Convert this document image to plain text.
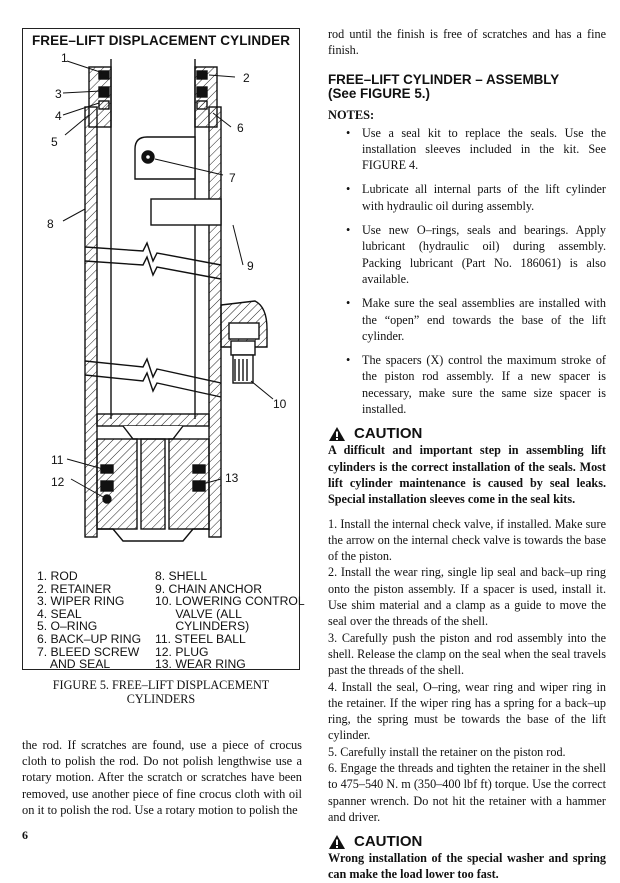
FREE–LIFT DISPLACEMENT CYLINDER
1
2
3
4
5
6
7
8
9
10
11
12	13
1. ROD
2. RETAINER
3. WIPER RING
4. SEAL
5. O–RING
6. BACK–UP RING
7. BLEED SCREW
AND SEAL
8. SHELL
9. CHAIN ANCHOR
10. LOWERING CONTROL
VALVE (ALL
CYLINDERS)
11. STEEL BALL
12. PLUG
13. WEAR RING
FIGURE 5. FREE–LIFT DISPLACEMENT
CYLINDERS
the rod. If scratches are found, use a piece of crocus cloth to polish the rod. Do not polish lengthwise use a rotary motion. After the scratch or scratches have been removed, use another piece of fine crocus cloth with oil on it to polish the rod. Use a rotary motion to polish the
6

rod until the finish is free of scratches and has a fine finish.

FREE–LIFT CYLINDER – ASSEMBLY
(See FIGURE 5.)
NOTES:
• Use a seal kit to replace the seals. Use the installation sleeves included in the kit. See FIGURE 4.
• Lubricate all internal parts of the lift cylinder with hydraulic oil during assembly.
• Use new O–rings, seals and bearings. Apply lubricant (hydraulic oil) during assembly. Packing lubricant (Part No. 186061) is also available.
• Make sure the seal assemblies are installed with the “open” end towards the base of the lift cylinder.
• The spacers (X) control the maximum stroke of the piston rod assembly. If a new spacer is necessary, make sure the same size spacer is installed.
CAUTION
A difficult and important step in assembling lift cylinders is the correct installation of the seals. Most lift cylinder maintenance is caused by seal leaks. Special installation sleeves come in the seal kits.

1. Install the internal check valve, if installed. Make sure the arrow on the internal check valve is towards the base of the piston.

2. Install the wear ring, single lip seal and back–up ring onto the piston assembly. If a spacer is used, install it. Use shim material and a clamp as a guide to move the seal over the threads of the shell.

3. Carefully push the piston and rod assembly into the shell. Release the clamp on the seal when the seal travels past the threads of the shell.

4. Install the seal, O–ring, wear ring and wiper ring in the retainer. If the wiper ring has a spring for a back–up ring, the spring must be towards the base of the lift cylinder.

5. Carefully install the retainer on the piston rod.

6. Engage the threads and tighten the retainer in the shell to 475–540 N. m (350–400 lbf ft) torque. Use the correct spanner wrench. Do not hit the retainer with a hammer and driver.

CAUTION
Wrong installation of the special washer and spring can make the load lower too fast.
